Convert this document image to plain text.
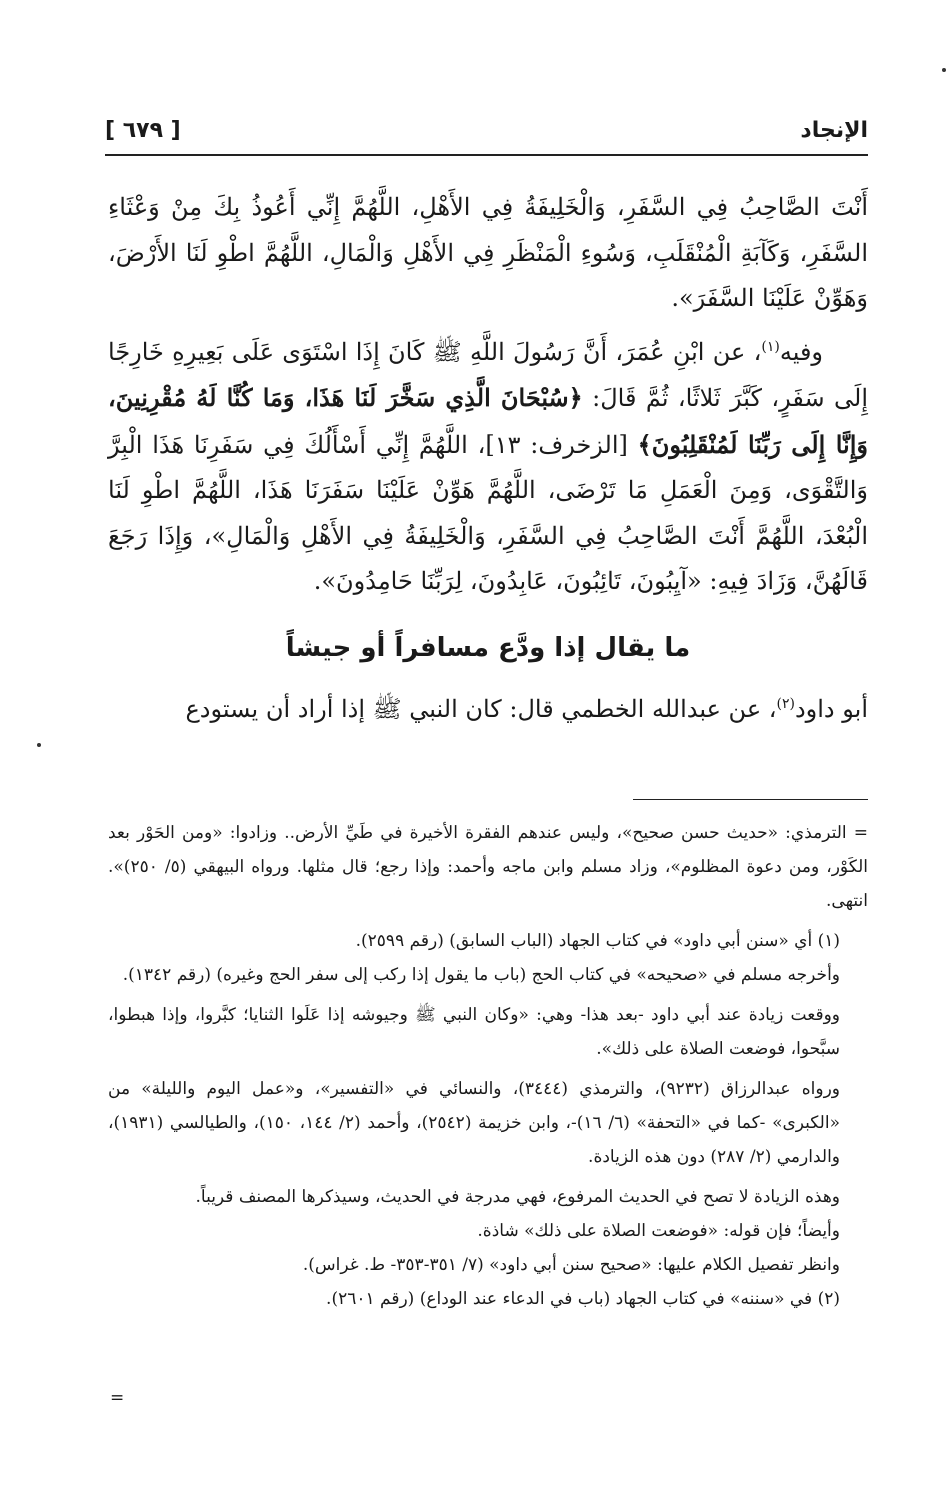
الإنجاد
[ ٦٧٩ ]

أَنْتَ الصَّاحِبُ فِي السَّفَرِ، وَالْخَلِيفَةُ فِي الأَهْلِ، اللَّهُمَّ إِنِّي أَعُوذُ بِكَ مِنْ وَعْثَاءِ السَّفَرِ، وَكَآبَةِ الْمُنْقَلَبِ، وَسُوءِ الْمَنْظَرِ فِي الأَهْلِ وَالْمَالِ، اللَّهُمَّ اطْوِ لَنَا الأَرْضَ، وَهَوِّنْ عَلَيْنَا السَّفَرَ».

وفيه$^{(١)}$، عن ابْنِ عُمَرَ، أَنَّ رَسُولَ اللَّهِ ﷺ كَانَ إِذَا اسْتَوَى عَلَى بَعِيرِهِ خَارِجًا إِلَى سَفَرٍ، كَبَّرَ ثَلاثًا، ثُمَّ قَالَ: ﴿سُبْحَانَ الَّذِي سَخَّرَ لَنَا هَذَا، وَمَا كُنَّا لَهُ مُقْرِنِينَ، وَإِنَّا إِلَى رَبِّنَا لَمُنْقَلِبُونَ﴾ [الزخرف: ١٣]، اللَّهُمَّ إِنِّي أَسْأَلُكَ فِي سَفَرِنَا هَذَا الْبِرَّ وَالتَّقْوَى، وَمِنَ الْعَمَلِ مَا تَرْضَى، اللَّهُمَّ هَوِّنْ عَلَيْنَا سَفَرَنَا هَذَا، اللَّهُمَّ اطْوِ لَنَا الْبُعْدَ، اللَّهُمَّ أَنْتَ الصَّاحِبُ فِي السَّفَرِ، وَالْخَلِيفَةُ فِي الأَهْلِ وَالْمَالِ»، وَإِذَا رَجَعَ قَالَهُنَّ، وَزَادَ فِيهِ: «آيِبُونَ، تَائِبُونَ، عَابِدُونَ، لِرَبِّنَا حَامِدُونَ».

ما يقال إذا ودَّع مسافراً أو جيشاً

أبو داود$^{(٢)}$، عن عبدالله الخطمي قال: كان النبي ﷺ إذا أراد أن يستودع

= الترمذي: «حديث حسن صحيح»، وليس عندهم الفقرة الأخيرة في طَيِّ الأرض.. وزادوا: «ومن الحَوْر بعد الكَوْر، ومن دعوة المظلوم»، وزاد مسلم وابن ماجه وأحمد: وإذا رجع؛ قال مثلها. ورواه البيهقي (٥/ ٢٥٠)». انتهى.

(١) أي «سنن أبي داود» في كتاب الجهاد (الباب السابق) (رقم ٢٥٩٩).

وأخرجه مسلم في «صحيحه» في كتاب الحج (باب ما يقول إذا ركب إلى سفر الحج وغيره) (رقم ١٣٤٢).

ووقعت زيادة عند أبي داود -بعد هذا- وهي: «وكان النبي ﷺ وجيوشه إذا عَلَوا الثنايا؛ كبَّروا، وإذا هبطوا، سبَّحوا، فوضعت الصلاة على ذلك».

ورواه عبدالرزاق (٩٢٣٢)، والترمذي (٣٤٤٤)، والنسائي في «التفسير»، و«عمل اليوم والليلة» من «الكبرى» -كما في «التحفة» (٦/ ١٦)-، وابن خزيمة (٢٥٤٢)، وأحمد (٢/ ١٤٤، ١٥٠)، والطيالسي (١٩٣١)، والدارمي (٢/ ٢٨٧) دون هذه الزيادة.

وهذه الزيادة لا تصح في الحديث المرفوع، فهي مدرجة في الحديث، وسيذكرها المصنف قريباً.

وأيضاً؛ فإن قوله: «فوضعت الصلاة على ذلك» شاذة.

وانظر تفصيل الكلام عليها: «صحيح سنن أبي داود» (٧/ ٣٥١-٣٥٣- ط. غراس).

(٢) في «سننه» في كتاب الجهاد (باب في الدعاء عند الوداع) (رقم ٢٦٠١).

=
